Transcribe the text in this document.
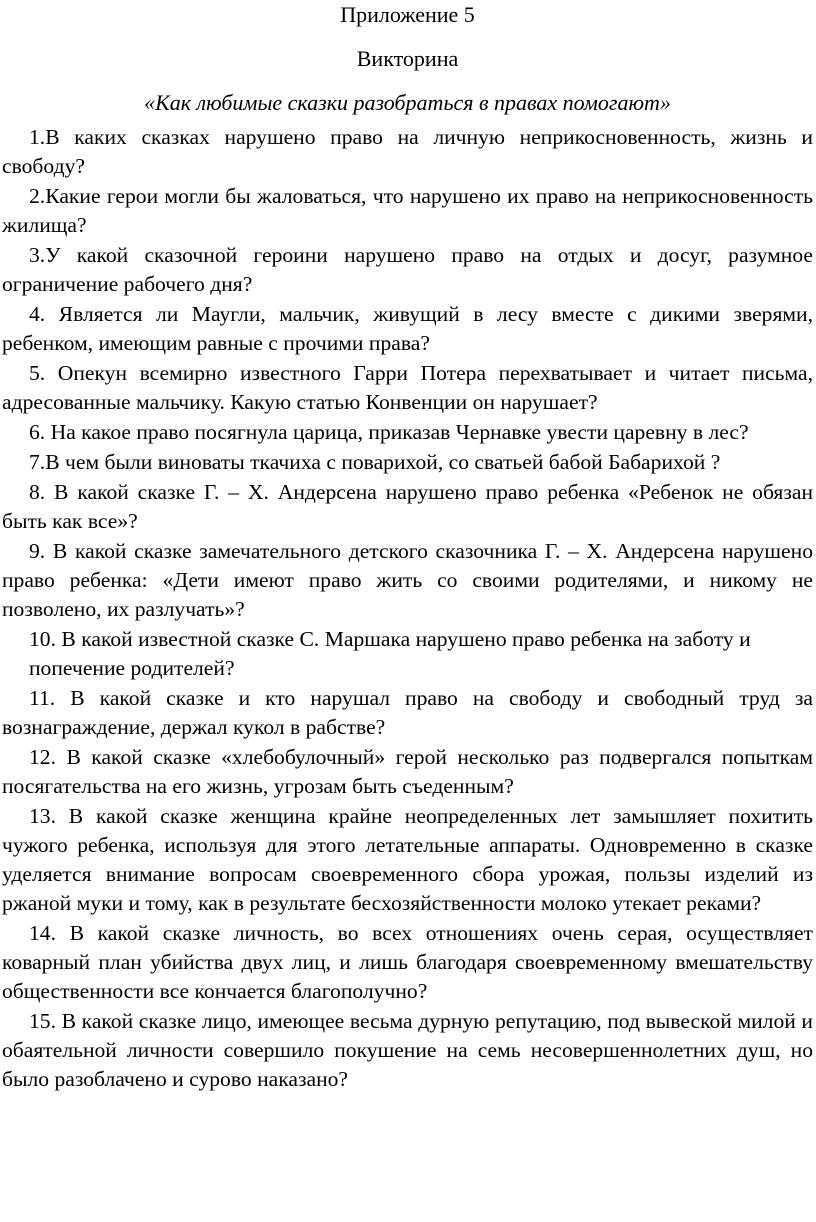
Приложение 5
Викторина
«Как любимые сказки разобраться в правах помогают»

1.В каких сказках нарушено право на личную неприкосновенность, жизнь и свободу?

2.Какие герои могли бы жаловаться, что нарушено их право на неприкосновенность жилища?

3.У какой сказочной героини нарушено право на отдых и досуг, разумное ограничение рабочего дня?

4. Является ли Маугли, мальчик, живущий в лесу вместе с дикими зверями, ребенком, имеющим равные с прочими права?

5. Опекун всемирно известного Гарри Потера перехватывает и читает письма, адресованные мальчику. Какую статью Конвенции он нарушает?

6. На какое право посягнула царица, приказав Чернавке увести царевну в лес?

7.В чем были виноваты ткачиха с поварихой, со сватьей бабой Бабарихой ?

8. В какой сказке Г. – Х. Андерсена нарушено право ребенка «Ребенок не обязан быть как все»?

9. В какой сказке замечательного детского сказочника Г. – Х. Андерсена нарушено право ребенка: «Дети имеют право жить со своими родителями, и никому не позволено, их разлучать»?

10. В какой известной сказке С. Маршака нарушено право ребенка на заботу и попечение родителей?

11. В какой сказке и кто нарушал право на свободу и свободный труд за вознаграждение, держал кукол в рабстве?

12. В какой сказке «хлебобулочный» герой несколько раз подвергался попыткам посягательства на его жизнь, угрозам быть съеденным?

13. В какой сказке женщина крайне неопределенных лет замышляет похитить чужого ребенка, используя для этого летательные аппараты. Одновременно в сказке уделяется внимание вопросам своевременного сбора урожая, пользы изделий из ржаной муки и тому, как в результате бесхозяйственности молоко утекает реками?

14. В какой сказке личность, во всех отношениях очень серая, осуществляет коварный план убийства двух лиц, и лишь благодаря своевременному вмешательству общественности все кончается благополучно?

15. В какой сказке лицо, имеющее весьма дурную репутацию, под вывеской милой и обаятельной личности совершило покушение на семь несовершеннолетних душ, но было разоблачено и сурово наказано?
